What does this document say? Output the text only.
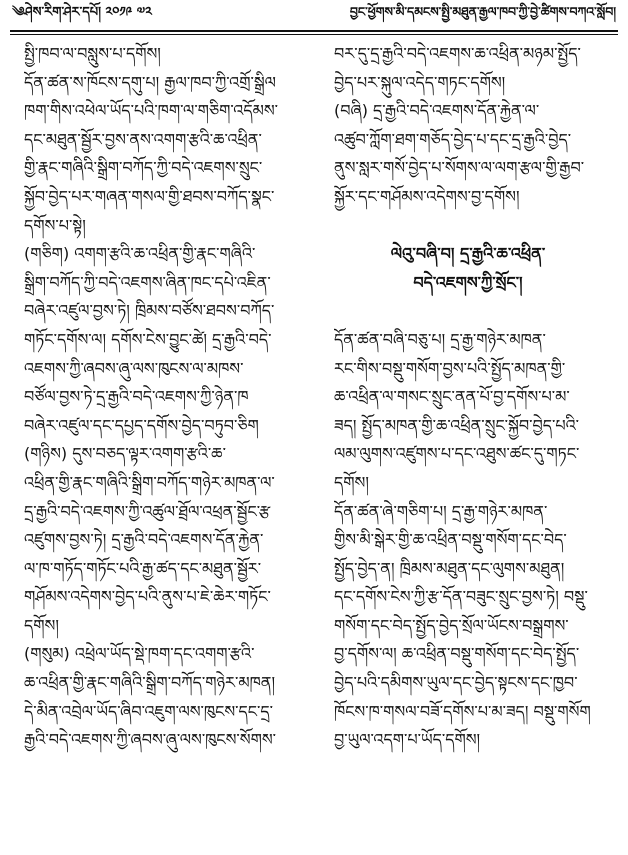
༄ཤེས་རིག་ཤེར་དཔོ། ༢༠༡༩ ༧༢	བྱང་ཕྱོགས་མི་དམངས་སྤྱི་མཐུན་རྒྱལ་ཁབ་ཀྱི་བྱེ་ཚིགས་བཀའ་སློབ།

སྤྱི་ཁབ་ལ་བསླུས་པ་དགོས།

དོན་ཚན་ས་ཁོངས་དགུ་པ། རྒྱལ་ཁབ་ཀྱི་འགྲོ་སྒྲིལ

ཁག་གིས་འཕེལ་ཡོད་པའི་ཁག་ལ་གཅིག་འདོམས་

དང་མཐུན་སྦྱོར་བྱས་ནས་འགག་རྩའི་ཆ་འཕྲིན་

གྱི་རྣང་གཞིའི་སྒྲིག་བཀོད་ཀྱི་བདེ་འཇགས་སྲུང་

སྐྱོབ་བྱེད་པར་གཞན་གསལ་གྱི་ཐབས་བཀོད་སྣང་

དགོས་པ་སྟེ།

(གཅིག) འགག་རྩའི་ཆ་འཕྲིན་གྱི་རྣང་གཞིའི་

སྒྲིག་བཀོད་ཀྱི་བདེ་འཇགས་ཞིན་ཁང་དཔེ་འཇིན་

བཞེར་འཛུལ་བྱས་ཏེ། ཁྲིམས་བཙོས་ཐབས་བཀོད་

གཏོང་དགོས་ལ། དགོས་ངེས་བྱུང་ཚེ། དྲ་རྒྱའི་བདེ་

འཇགས་ཀྱི་ཞབས་ཞུ་ལས་ཁུངས་ལ་མཁས་

བཙོལ་བྱས་ཏེ་དྲ་རྒྱའི་བདེ་འཇགས་ཀྱི་ཉེན་ཁ

བཞེར་འཛུལ་དང་དཔྱད་དགོས་བྱེད་བཏུབ་ཅིག

(གཉིས) དུས་བཅད་ལྟར་འགག་རྩའི་ཆ་

འཕྲིན་གྱི་རྣང་གཞིའི་སྒྲིག་བཀོད་གཉེར་མཁན་ལ་

དྲ་རྒྱའི་བདེ་འཇགས་ཀྱི་འཚུལ་ཐྲོལ་འཕྲན་སྦྱོང་རྩ

འཛུགས་བྱས་ཏེ། དྲ་རྒྱའི་བདེ་འཇགས་དོན་རྐྱེན་

ལ་ཁ་གཏོད་གཏོང་པའི་རྒྱ་ཚད་དང་མཐུན་སྦྱོར་

གཤོམས་འདེགས་བྱེད་པའི་ནུས་པ་ཇེ་ཆེར་གཏོང་

དགོས།

(གསུམ) འཕྲེལ་ཡོད་སྡེ་ཁག་དང་འགག་རྩའི་

ཆ་འཕྲིན་གྱི་རྣང་གཞིའི་སྒྲིག་བཀོད་གཉེར་མཁན།

དེ་མིན་འབྲེལ་ཡོད་ཞིབ་འཇུག་ལས་ཁུངས་དང་དྲ་

རྒྱའི་བདེ་འཇགས་ཀྱི་ཞབས་ཞུ་ལས་ཁུངས་སོགས་

བར་དུ་དྲ་རྒྱའི་བདེ་འཇགས་ཆ་འཕྲིན་མཉམ་སྤྱོད་

བྱེད་པར་སྐུལ་འདེད་གཏང་དགོས།

(བཞི) དྲ་རྒྱའི་བདེ་འཇགས་དོན་རྐྱེན་ལ་

འཚུབ་ཀློག་ཐག་གཅོད་བྱེད་པ་དང་དྲ་རྒྱའི་བྱེད་

ནུས་སླར་གསོ་བྱེད་པ་སོགས་ལ་ལག་རྩལ་གྱི་རྒྱབ་

སྐྱོར་དང་གཤོམས་འདེགས་བྱ་དགོས།

ལེའུ་བཞི་བ། དྲ་རྒྱའི་ཆ་འཕྲིན་

བདེ་འཇགས་ཀྱི་སྲོང་།

དོན་ཚན་བཞི་བཅུ་པ། དྲ་རྒྱ་གཉེར་མཁན་

རང་གིས་བསྡུ་གསོག་བྱས་པའི་སྤྱོད་མཁན་གྱི་

ཆ་འཕྲིན་ལ་གསང་སྲུང་ནན་པོ་བྱ་དགོས་པ་མ་

ཟད། སྤྱོད་མཁན་གྱི་ཆ་འཕྲིན་སྲུང་སྐྱོབ་བྱེད་པའི་

ལམ་ལུགས་འཛུགས་པ་དང་འཐུས་ཚང་དུ་གཏང་

དགོས།

དོན་ཚན་ཞེ་གཅིག་པ། དྲ་རྒྱ་གཉེར་མཁན་

གྱིས་མི་སྒེར་གྱི་ཆ་འཕྲིན་བསྡུ་གསོག་དང་བེད་

སྤྱོད་བྱེད་ན། ཁྲིམས་མཐུན་དང་ལུགས་མཐུན།

དང་དགོས་ངེས་ཀྱི་རྩ་དོན་བཟུང་སྲུང་བྱས་ཏེ། བསྡུ་

གསོག་དང་བེད་སྤྱོད་བྱེད་སྲོལ་ཡོངས་བསྒྲགས་

བྱ་དགོས་ལ། ཆ་འཕྲིན་བསྡུ་གསོག་དང་བེད་སྤྱོད་

བྱེད་པའི་དམིགས་ཡུལ་དང་བྱེད་སྟངས་དང་ཁྱབ་

ཁོངས་ཁ་གསལ་བཟོ་དགོས་པ་མ་ཟད། བསྡུ་གསོག

བྱ་ཡུལ་འདག་པ་ཡོད་དགོས།
